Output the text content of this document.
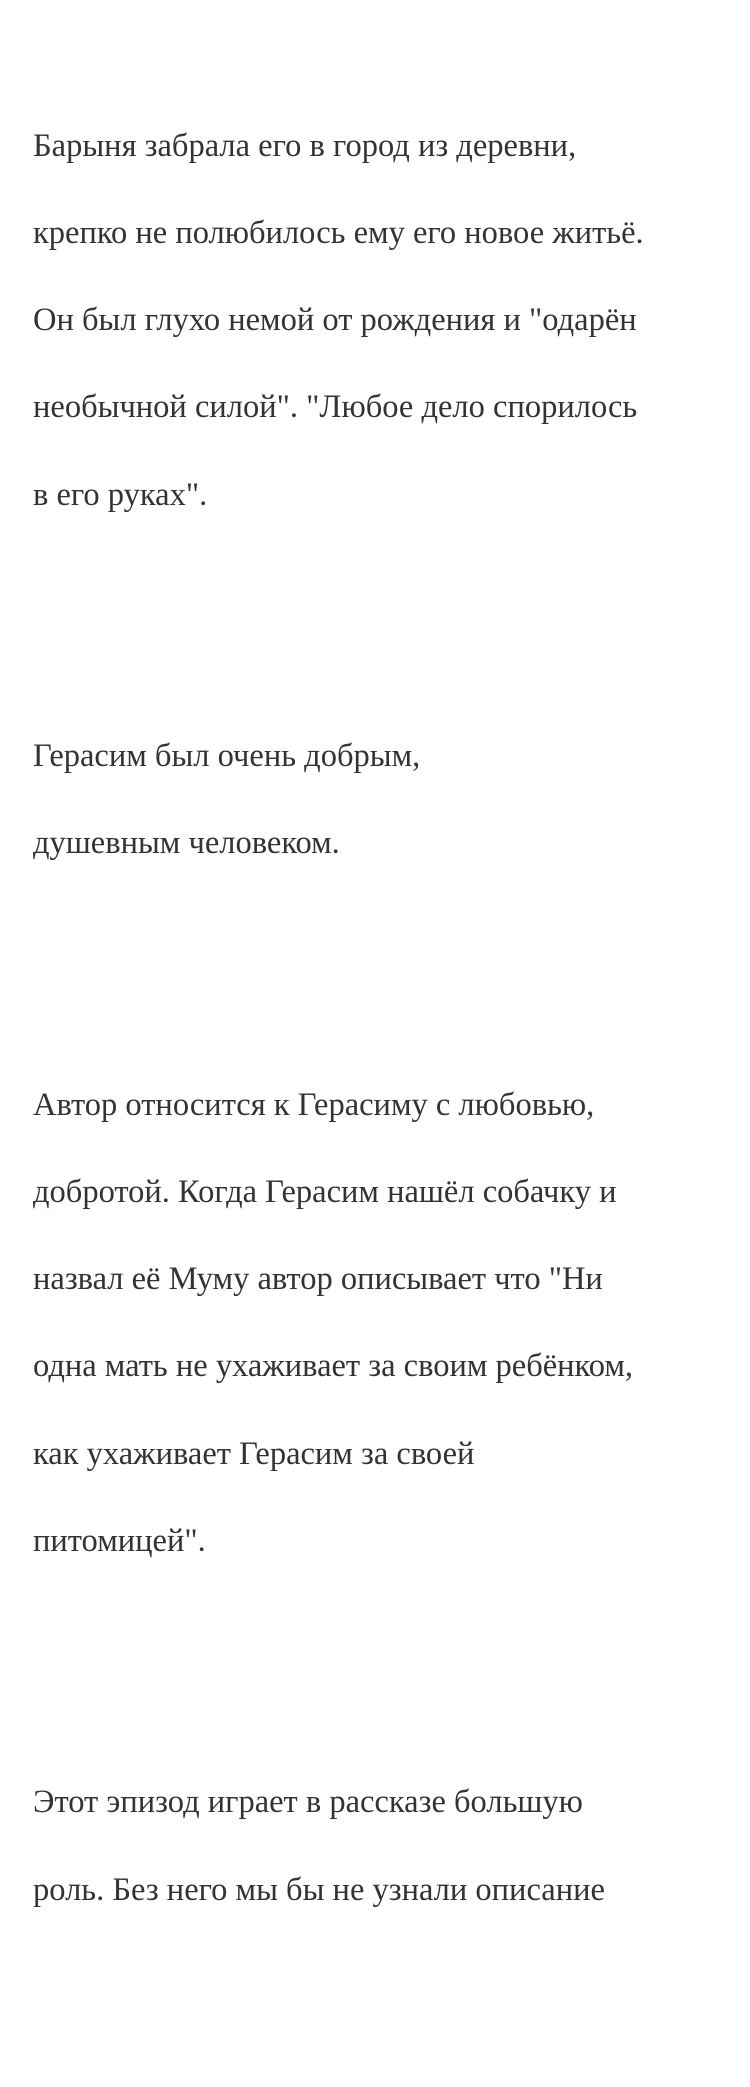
Барыня забрала его в город из деревни,

крепко не полюбилось ему его новое житьё.

Он был глухо немой от рождения и "одарён

необычной силой". "Любое дело спорилось

в его руках".

Герасим был очень добрым,

душевным человеком.

Автор относится к Герасиму с любовью,

добротой. Когда Герасим нашёл собачку и

назвал её Муму автор описывает что "Ни

одна мать не ухаживает за своим ребёнком,

как ухаживает Герасим за своей

питомицей".

Этот эпизод играет в рассказе большую

роль. Без него мы бы не узнали описание
